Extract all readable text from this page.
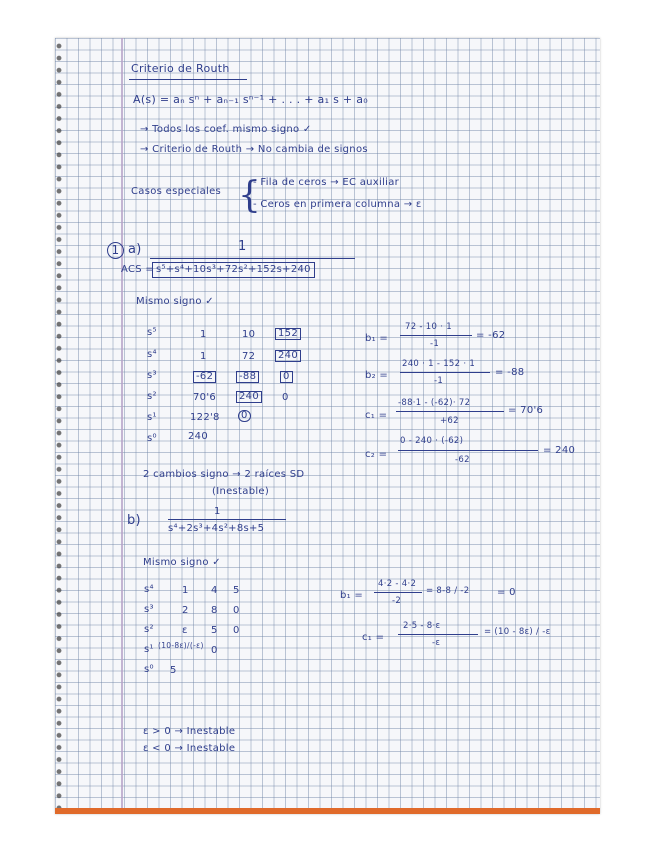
Criterio de Routh
A(s) = aₙ sⁿ + aₙ₋₁ sⁿ⁻¹ + . . . + a₁ s + a₀
→ Todos los coef. mismo signo ✓
→ Criterio de Routh → No cambia de signos
Casos especiales {
- Fila de ceros → EC auxiliar
- Ceros en primera columna → ε
1 a)	1
ACS = s⁵+s⁴+10s³+72s²+152s+240
Mismo signo ✓
s⁵	1	10	152
s⁴	1	72	240
s³	-62	-88	0
s²	70'6	240	0
s¹	122'8	0
s⁰	240
b₁ =
72 - 10 · 1
-1
= -62
b₂ =
240 · 1 - 152 · 1
-1
= -88
c₁ =
-88·1 - (-62)· 72
+62
= 70'6
c₂ =
0 - 240 · (-62)
-62
= 240
2 cambios signo → 2 raíces SD
(Inestable)
b)
1
s⁴+2s³+4s²+8s+5
Mismo signo ✓
s⁴	1 4 5
s³	2 8 0
s²	ε 5 0
s¹ (10-8ε)/(-ε) 0
s⁰ 5
b₁ =
4·2 - 4·2
-2
= 8-8 / -2	= 0
c₁ =
2·5 - 8·ε
-ε
= (10 - 8ε) / -ε
ε > 0 → Inestable
ε < 0 → Inestable
